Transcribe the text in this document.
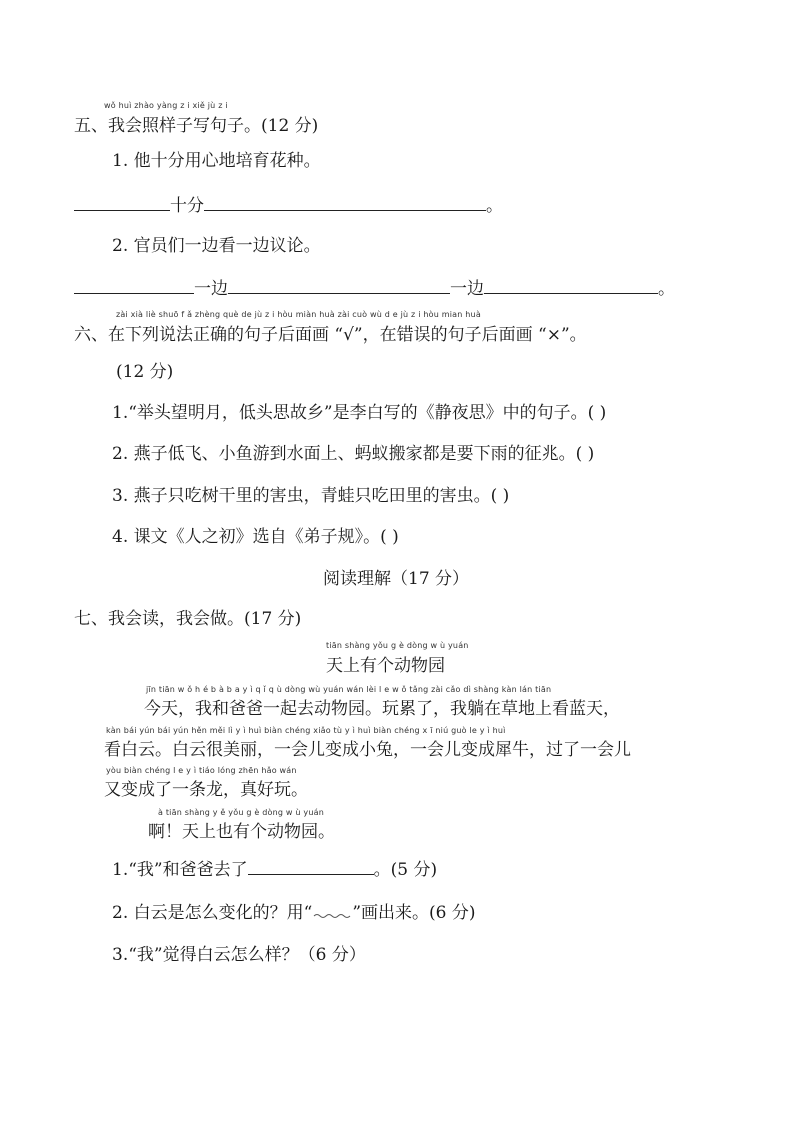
wǒ huì zhào yàng z i xiě jù z i
五、我会照样子写句子。(12 分)
1. 他十分用心地培育花种。
十分	。
2. 官员们一边看一边议论。
一边	一边	。
zài xià liè shuō f ǎ zhèng què de jù z i hòu miàn huà zài cuò wù d e jù z i hòu mian huà
六、在下列说法正确的句子后面画 “√”，在错误的句子后面画 “×”。
(12 分)
1.“举头望明月，低头思故乡”是李白写的《静夜思》中的句子。( )
2. 燕子低飞、小鱼游到水面上、蚂蚁搬家都是要下雨的征兆。( )
3. 燕子只吃树干里的害虫，青蛙只吃田里的害虫。( )
4. 课文《人之初》选自《弟子规》。( )
阅读理解（17 分）
七、我会读，我会做。(17 分)
tiān shàng yǒu g è dòng w ù yuán
天上有个动物园
jīn tiān w ǒ h é b à b a y ì q ǐ q ù dòng wù yuán wán lèi l e w ǒ tǎng zài cǎo dì shàng kàn lán tiān
今天，我和爸爸一起去动物园。玩累了，我躺在草地上看蓝天，
kàn bái yún bái yún hěn měi lì y ì huì biàn chéng xiǎo tù y ì huì biàn chéng x ī niú guò le y ì huì
看白云。白云很美丽，一会儿变成小兔，一会儿变成犀牛，过了一会儿
yòu biàn chéng l e y ì tiáo lóng zhēn hǎo wán
又变成了一条龙，真好玩。
à tiān shàng y ě yǒu g è dòng w ù yuán
啊！天上也有个动物园。
1.“我”和爸爸去了	。(5 分)
2. 白云是怎么变化的？用“ ”画出来。(6 分)
3.“我”觉得白云怎么样？（6 分）
